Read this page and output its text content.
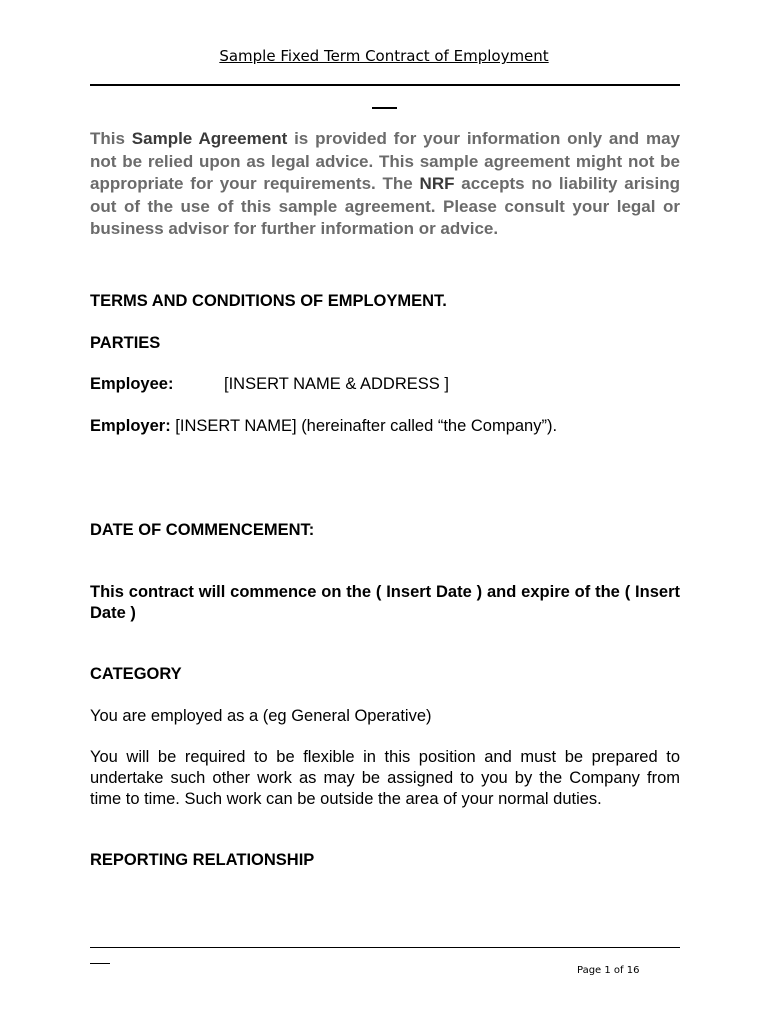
Sample Fixed Term Contract of Employment

This Sample Agreement is provided for your information only and may not be relied upon as legal advice. This sample agreement might not be appropriate for your requirements. The NRF accepts no liability arising out of the use of this sample agreement. Please consult your legal or business advisor for further information or advice.

TERMS AND CONDITIONS OF EMPLOYMENT.

PARTIES

Employee:	[INSERT NAME & ADDRESS ]

Employer: [INSERT NAME] (hereinafter called “the Company”).

DATE OF COMMENCEMENT:

This contract will commence on the ( Insert Date ) and expire of the ( Insert Date )

CATEGORY

You are employed as a (eg General Operative)

You will be required to be flexible in this position and must be prepared to undertake such other work as may be assigned to you by the Company from time to time. Such work can be outside the area of your normal duties.

REPORTING RELATIONSHIP

Page 1 of 16
